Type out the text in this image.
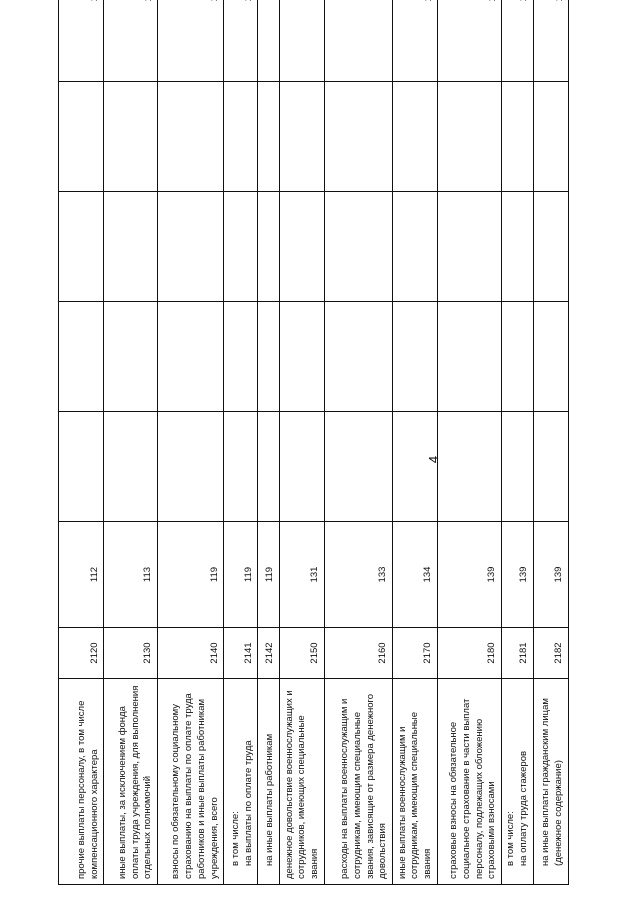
4
прочие выплаты персоналу, в том числе компенсационного характера	2120	112					

иные выплаты, за исключением фонда оплаты труда учреждения, для выполнения отдельных полномочий	2130	113					

взносы по обязательному социальному страхованию на выплаты по оплате труда работников и иные выплаты работникам учреждения, всего	2140	119					

в том числе: на выплаты по оплате труда	2141	119					

на иные выплаты работникам	2142	119					

денежное довольствие военнослужащих и сотрудников, имеющих специальные звания	2150	131					

расходы на выплаты военнослужащим и сотрудникам, имеющим специальные звания, зависящие от размера денежного довольствия	2160	133					

иные выплаты военнослужащим и сотрудникам, имеющим специальные звания	2170	134					

страховые взносы на обязательное социальное страхование в части выплат персоналу, подлежащих обложению страховыми взносами	2180	139					

в том числе: на оплату труда стажеров	2181	139					

на иные выплаты гражданским лицам (денежное содержание)	2182	139					
